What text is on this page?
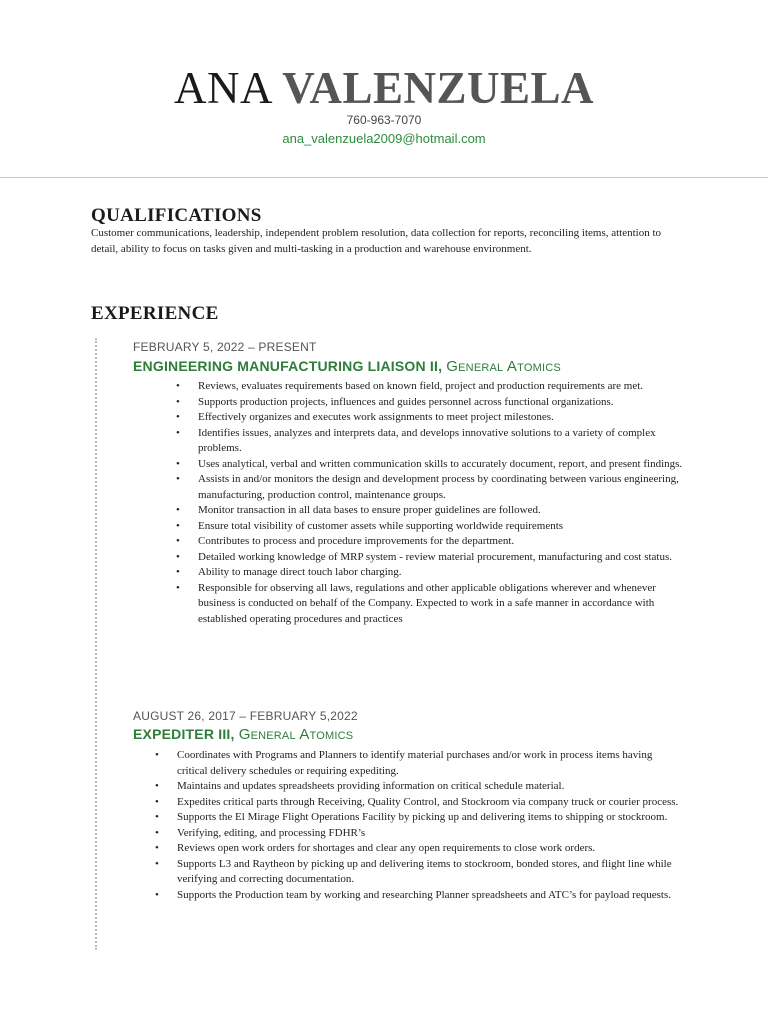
ANA VALENZUELA
760-963-7070
ana_valenzuela2009@hotmail.com
QUALIFICATIONS
Customer communications, leadership, independent problem resolution, data collection for reports, reconciling items, attention to detail, ability to focus on tasks given and multi-tasking in a production and warehouse environment.
EXPERIENCE
FEBRUARY 5, 2022 – PRESENT
ENGINEERING MANUFACTURING LIAISON II, General Atomics
• Reviews, evaluates requirements based on known field, project and production requirements are met.
• Supports production projects, influences and guides personnel across functional organizations.
• Effectively organizes and executes work assignments to meet project milestones.
• Identifies issues, analyzes and interprets data, and develops innovative solutions to a variety of complex problems.
• Uses analytical, verbal and written communication skills to accurately document, report, and present findings.
• Assists in and/or monitors the design and development process by coordinating between various engineering, manufacturing, production control, maintenance groups.
• Monitor transaction in all data bases to ensure proper guidelines are followed.
• Ensure total visibility of customer assets while supporting worldwide requirements
• Contributes to process and procedure improvements for the department.
• Detailed working knowledge of MRP system - review material procurement, manufacturing and cost status.
• Ability to manage direct touch labor charging.
• Responsible for observing all laws, regulations and other applicable obligations wherever and whenever business is conducted on behalf of the Company. Expected to work in a safe manner in accordance with established operating procedures and practices
AUGUST 26, 2017 – FEBRUARY 5,2022
EXPEDITER III, General Atomics
• Coordinates with Programs and Planners to identify material purchases and/or work in process items having critical delivery schedules or requiring expediting.
• Maintains and updates spreadsheets providing information on critical schedule material.
• Expedites critical parts through Receiving, Quality Control, and Stockroom via company truck or courier process.
• Supports the El Mirage Flight Operations Facility by picking up and delivering items to shipping or stockroom.
• Verifying, editing, and processing FDHR’s
• Reviews open work orders for shortages and clear any open requirements to close work orders.
• Supports L3 and Raytheon by picking up and delivering items to stockroom, bonded stores, and flight line while verifying and correcting documentation.
• Supports the Production team by working and researching Planner spreadsheets and ATC’s for payload requests.
